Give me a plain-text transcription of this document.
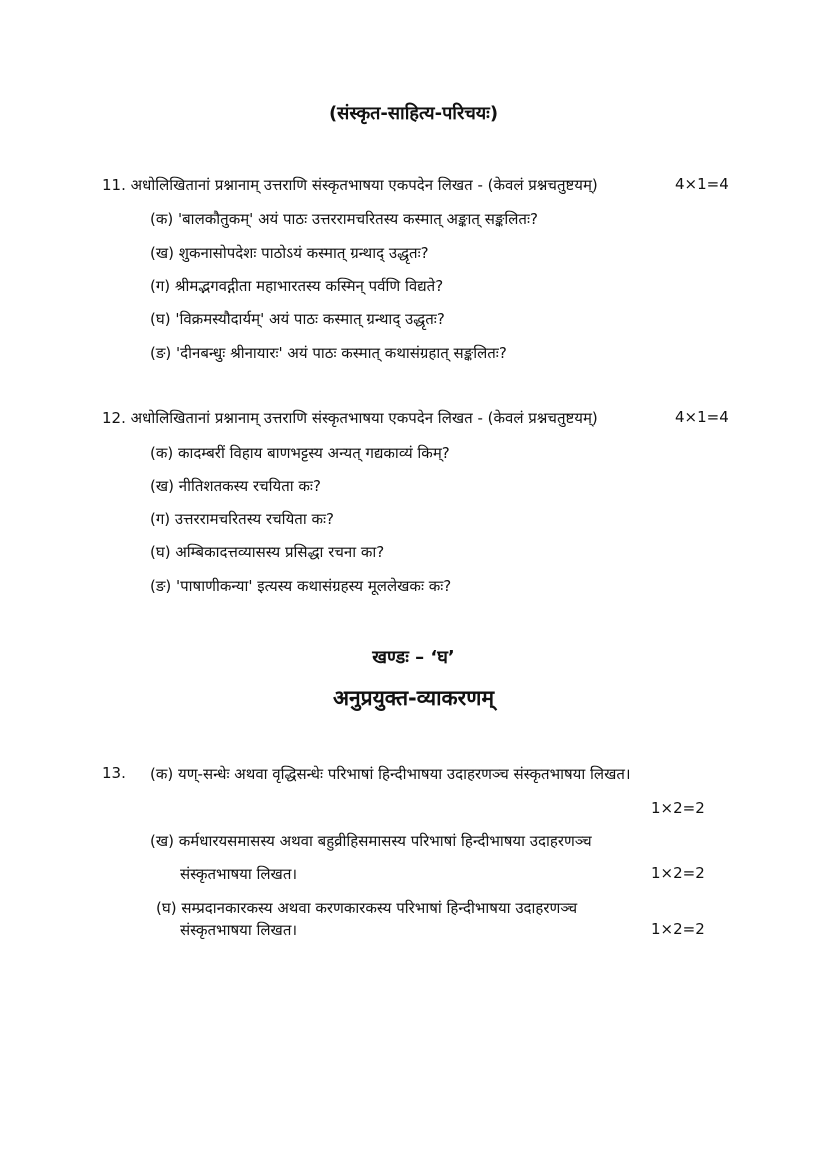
(संस्कृत-साहित्य-परिचयः)
11. अधोलिखितानां प्रश्नानाम् उत्तराणि संस्कृतभाषया एकपदेन लिखत - (केवलं प्रश्नचतुष्टयम्)	4×1=4
(क) 'बालकौतुकम्' अयं पाठः उत्तररामचरितस्य कस्मात् अङ्कात् सङ्कलितः?
(ख) शुकनासोपदेशः पाठोऽयं कस्मात् ग्रन्थाद् उद्धृतः?
(ग) श्रीमद्भगवद्गीता महाभारतस्य कस्मिन् पर्वणि विद्यते?
(घ) 'विक्रमस्यौदार्यम्' अयं पाठः कस्मात् ग्रन्थाद् उद्धृतः?
(ङ) 'दीनबन्धुः श्रीनायारः' अयं पाठः कस्मात् कथासंग्रहात् सङ्कलितः?
12. अधोलिखितानां प्रश्नानाम् उत्तराणि संस्कृतभाषया एकपदेन लिखत - (केवलं प्रश्नचतुष्टयम्)	4×1=4
(क) कादम्बरीं विहाय बाणभट्टस्य अन्यत् गद्यकाव्यं किम्?
(ख) नीतिशतकस्य रचयिता कः?
(ग) उत्तररामचरितस्य रचयिता कः?
(घ) अम्बिकादत्तव्यासस्य प्रसिद्धा रचना का?
(ङ) 'पाषाणीकन्या' इत्यस्य कथासंग्रहस्य मूललेखकः कः?
खण्डः – ‘घ’
अनुप्रयुक्त-व्याकरणम्
13. (क) यण्-सन्धेः अथवा वृद्धिसन्धेः परिभाषां हिन्दीभाषया उदाहरणञ्च संस्कृतभाषया लिखत।
1×2=2
(ख) कर्मधारयसमासस्य अथवा बहुव्रीहिसमासस्य परिभाषां हिन्दीभाषया उदाहरणञ्च
संस्कृतभाषया लिखत।	1×2=2
(घ) सम्प्रदानकारकस्य अथवा करणकारकस्य परिभाषां हिन्दीभाषया उदाहरणञ्च
संस्कृतभाषया लिखत।	1×2=2
